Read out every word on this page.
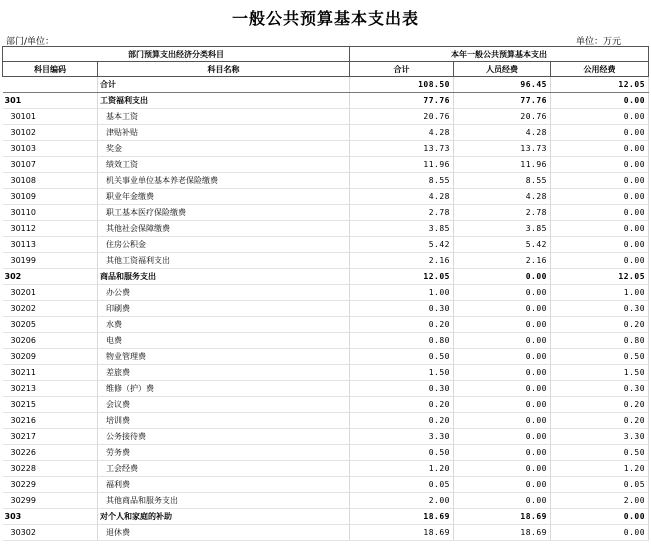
一般公共预算基本支出表
部门/单位：	单位：万元
部门预算支出经济分类科目		本年一般公共预算基本支出		
科目编码	科目名称	合计	人员经费	公用经费
	合计	108.50	96.45	12.05
301	工资福利支出	77.76	77.76	0.00
30101	基本工资	20.76	20.76	0.00
30102	津贴补贴	4.28	4.28	0.00
30103	奖金	13.73	13.73	0.00
30107	绩效工资	11.96	11.96	0.00
30108	机关事业单位基本养老保险缴费	8.55	8.55	0.00
30109	职业年金缴费	4.28	4.28	0.00
30110	职工基本医疗保险缴费	2.78	2.78	0.00
30112	其他社会保障缴费	3.85	3.85	0.00
30113	住房公积金	5.42	5.42	0.00
30199	其他工资福利支出	2.16	2.16	0.00
302	商品和服务支出	12.05	0.00	12.05
30201	办公费	1.00	0.00	1.00
30202	印刷费	0.30	0.00	0.30
30205	水费	0.20	0.00	0.20
30206	电费	0.80	0.00	0.80
30209	物业管理费	0.50	0.00	0.50
30211	差旅费	1.50	0.00	1.50
30213	维修（护）费	0.30	0.00	0.30
30215	会议费	0.20	0.00	0.20
30216	培训费	0.20	0.00	0.20
30217	公务接待费	3.30	0.00	3.30
30226	劳务费	0.50	0.00	0.50
30228	工会经费	1.20	0.00	1.20
30229	福利费	0.05	0.00	0.05
30299	其他商品和服务支出	2.00	0.00	2.00
303	对个人和家庭的补助	18.69	18.69	0.00
30302	退休费	18.69	18.69	0.00
